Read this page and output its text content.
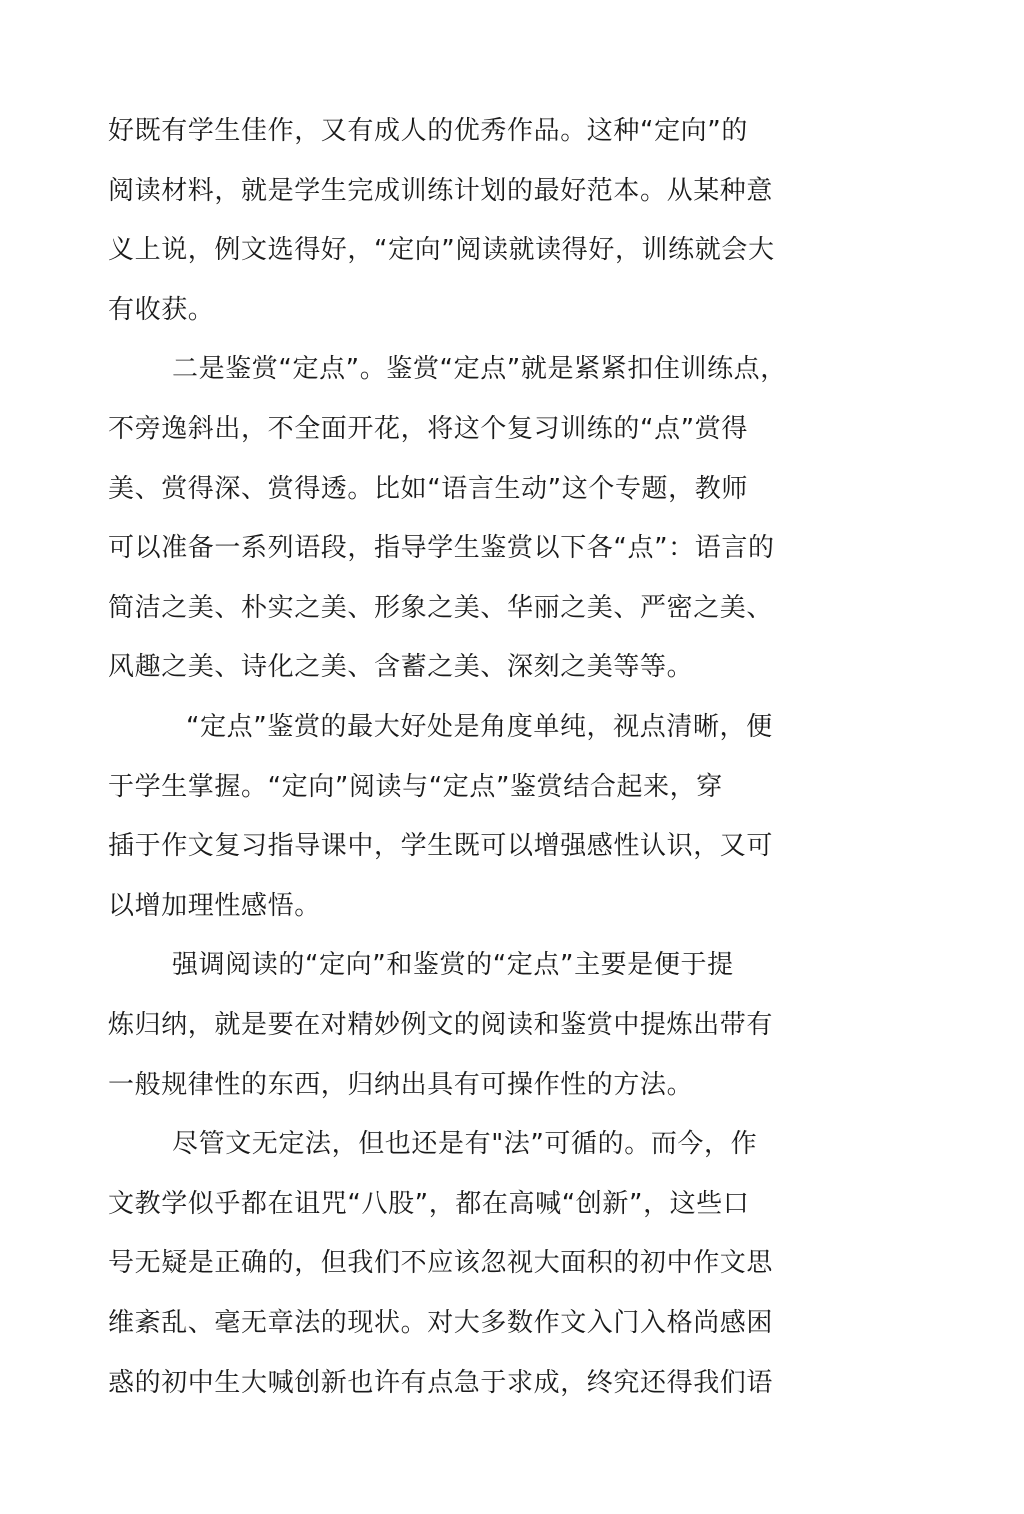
好既有学生佳作，又有成人的优秀作品。这种“定向”的
阅读材料，就是学生完成训练计划的最好范本。从某种意
义上说，例文选得好，“定向”阅读就读得好，训练就会大
有收获。
二是鉴赏“定点”。鉴赏“定点”就是紧紧扣住训练点，
不旁逸斜出，不全面开花，将这个复习训练的“点”赏得
美、赏得深、赏得透。比如“语言生动”这个专题，教师
可以准备一系列语段，指导学生鉴赏以下各“点”：语言的
简洁之美、朴实之美、形象之美、华丽之美、严密之美、
风趣之美、诗化之美、含蓄之美、深刻之美等等。
“定点”鉴赏的最大好处是角度单纯，视点清晰，便
于学生掌握。“定向”阅读与“定点”鉴赏结合起来，穿
插于作文复习指导课中，学生既可以增强感性认识，又可
以增加理性感悟。
强调阅读的“定向”和鉴赏的“定点”主要是便于提
炼归纳，就是要在对精妙例文的阅读和鉴赏中提炼出带有
一般规律性的东西，归纳出具有可操作性的方法。
尽管文无定法，但也还是有"法”可循的。而今，作
文教学似乎都在诅咒“八股”，都在高喊“创新”，这些口
号无疑是正确的，但我们不应该忽视大面积的初中作文思
维紊乱、毫无章法的现状。对大多数作文入门入格尚感困
惑的初中生大喊创新也许有点急于求成，终究还得我们语
